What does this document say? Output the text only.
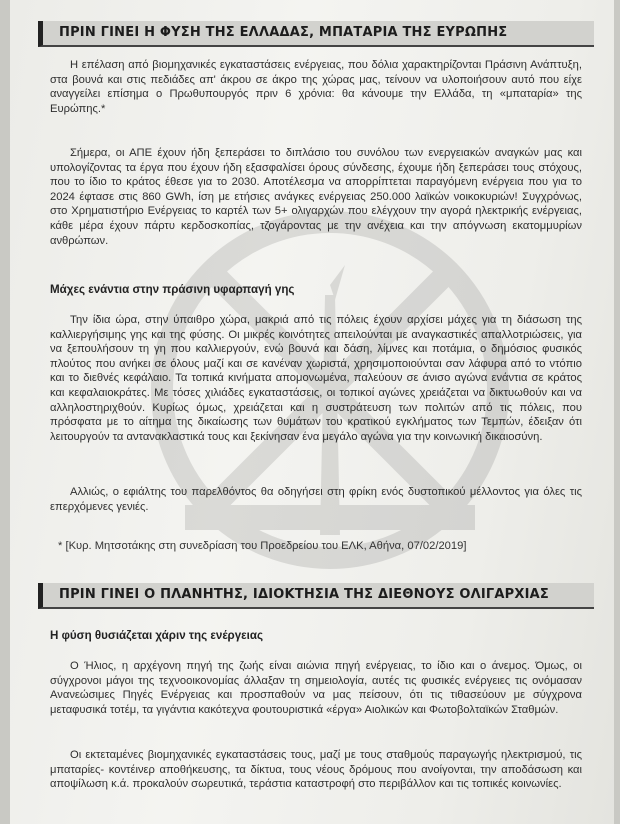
ΠΡΙΝ ΓΙΝΕΙ Η ΦΥΣΗ ΤΗΣ ΕΛΛΑΔΑΣ, ΜΠΑΤΑΡΙΑ ΤΗΣ ΕΥΡΩΠΗΣ

Η επέλαση από βιομηχανικές εγκαταστάσεις ενέργειας, που δόλια χαρακτηρίζονται Πράσινη Ανάπτυξη, στα βουνά και στις πεδιάδες απ' άκρου σε άκρο της χώρας μας, τείνουν να υλοποιήσουν αυτό που είχε αναγγείλει επίσημα ο Πρωθυπουργός πριν 6 χρόνια: θα κάνουμε την Ελλάδα, τη «μπαταρία» της Ευρώπης.*

Σήμερα, οι ΑΠΕ έχουν ήδη ξεπεράσει το διπλάσιο του συνόλου των ενεργειακών αναγκών μας και υπολογίζοντας τα έργα που έχουν ήδη εξασφαλίσει όρους σύνδεσης, έχουμε ήδη ξεπεράσει τους στόχους, που το ίδιο το κράτος έθεσε για το 2030. Αποτέλεσμα να απορρίπτεται παραγόμενη ενέργεια που για το 2024 έφτασε στις 860 GWh, ίση με ετήσιες ανάγκες ενέργειας 250.000 λαϊκών νοικοκυριών! Συγχρόνως, στο Χρηματιστήριο Ενέργειας το καρτέλ των 5+ ολιγαρχών που ελέγχουν την αγορά ηλεκτρικής ενέργειας, κάθε μέρα έχουν πάρτυ κερδοσκοπίας, τζογάροντας με την ανέχεια και την απόγνωση εκατομμυρίων ανθρώπων.

Μάχες ενάντια στην πράσινη υφαρπαγή γης

Την ίδια ώρα, στην ύπαιθρο χώρα, μακριά από τις πόλεις έχουν αρχίσει μάχες για τη διάσωση της καλλιεργήσιμης γης και της φύσης. Οι μικρές κοινότητες απειλούνται με αναγκαστικές απαλλοτριώσεις, για να ξεπουλήσουν τη γη που καλλιεργούν, ενώ βουνά και δάση, λίμνες και ποτάμια, ο δημόσιος φυσικός πλούτος που ανήκει σε όλους μαζί και σε κανέναν χωριστά, χρησιμοποιούνται σαν λάφυρα από το ντόπιο και το διεθνές κεφάλαιο. Τα τοπικά κινήματα απομονωμένα, παλεύουν σε άνισο αγώνα ενάντια σε κράτος και κεφαλαιοκράτες. Με τόσες χιλιάδες εγκαταστάσεις, οι τοπικοί αγώνες χρειάζεται να δικτυωθούν και να αλληλοστηριχθούν. Κυρίως όμως, χρειάζεται και η συστράτευση των πολιτών από τις πόλεις, που πρόσφατα με το αίτημα της δικαίωσης των θυμάτων του κρατικού εγκλήματος των Τεμπών, έδειξαν ότι λειτουργούν τα αντανακλαστικά τους και ξεκίνησαν ένα μεγάλο αγώνα για την κοινωνική δικαιοσύνη.

Αλλιώς, ο εφιάλτης του παρελθόντος θα οδηγήσει στη φρίκη ενός δυστοπικού μέλλοντος για όλες τις επερχόμενες γενιές.

* [Κυρ. Μητσοτάκης στη συνεδρίαση του Προεδρείου του ΕΛΚ, Αθήνα, 07/02/2019]
ΠΡΙΝ ΓΙΝΕΙ Ο ΠΛΑΝΗΤΗΣ, ΙΔΙΟΚΤΗΣΙΑ ΤΗΣ ΔΙΕΘΝΟΥΣ ΟΛΙΓΑΡΧΙΑΣ
Η φύση θυσιάζεται χάριν της ενέργειας

Ο Ήλιος, η αρχέγονη πηγή της ζωής είναι αιώνια πηγή ενέργειας, το ίδιο και ο άνεμος. Όμως, οι σύγχρονοι μάγοι της τεχνοοικονομίας άλλαξαν τη σημειολογία, αυτές τις φυσικές ενέργειες τις ονόμασαν Ανανεώσιμες Πηγές Ενέργειας και προσπαθούν να μας πείσουν, ότι τις τιθασεύουν με σύγχρονα μεταφυσικά τοτέμ, τα γιγάντια κακότεχνα φουτουριστικά «έργα» Αιολικών και Φωτοβολταϊκών Σταθμών.

Οι εκτεταμένες βιομηχανικές εγκαταστάσεις τους, μαζί με τους σταθμούς παραγωγής ηλεκτρισμού, τις μπαταρίες- κοντέινερ αποθήκευσης, τα δίκτυα, τους νέους δρόμους που ανοίγονται, την αποδάσωση και αποψίλωση κ.ά. προκαλούν σωρευτικά, τεράστια καταστροφή στο περιβάλλον και τις τοπικές κοινωνίες.
